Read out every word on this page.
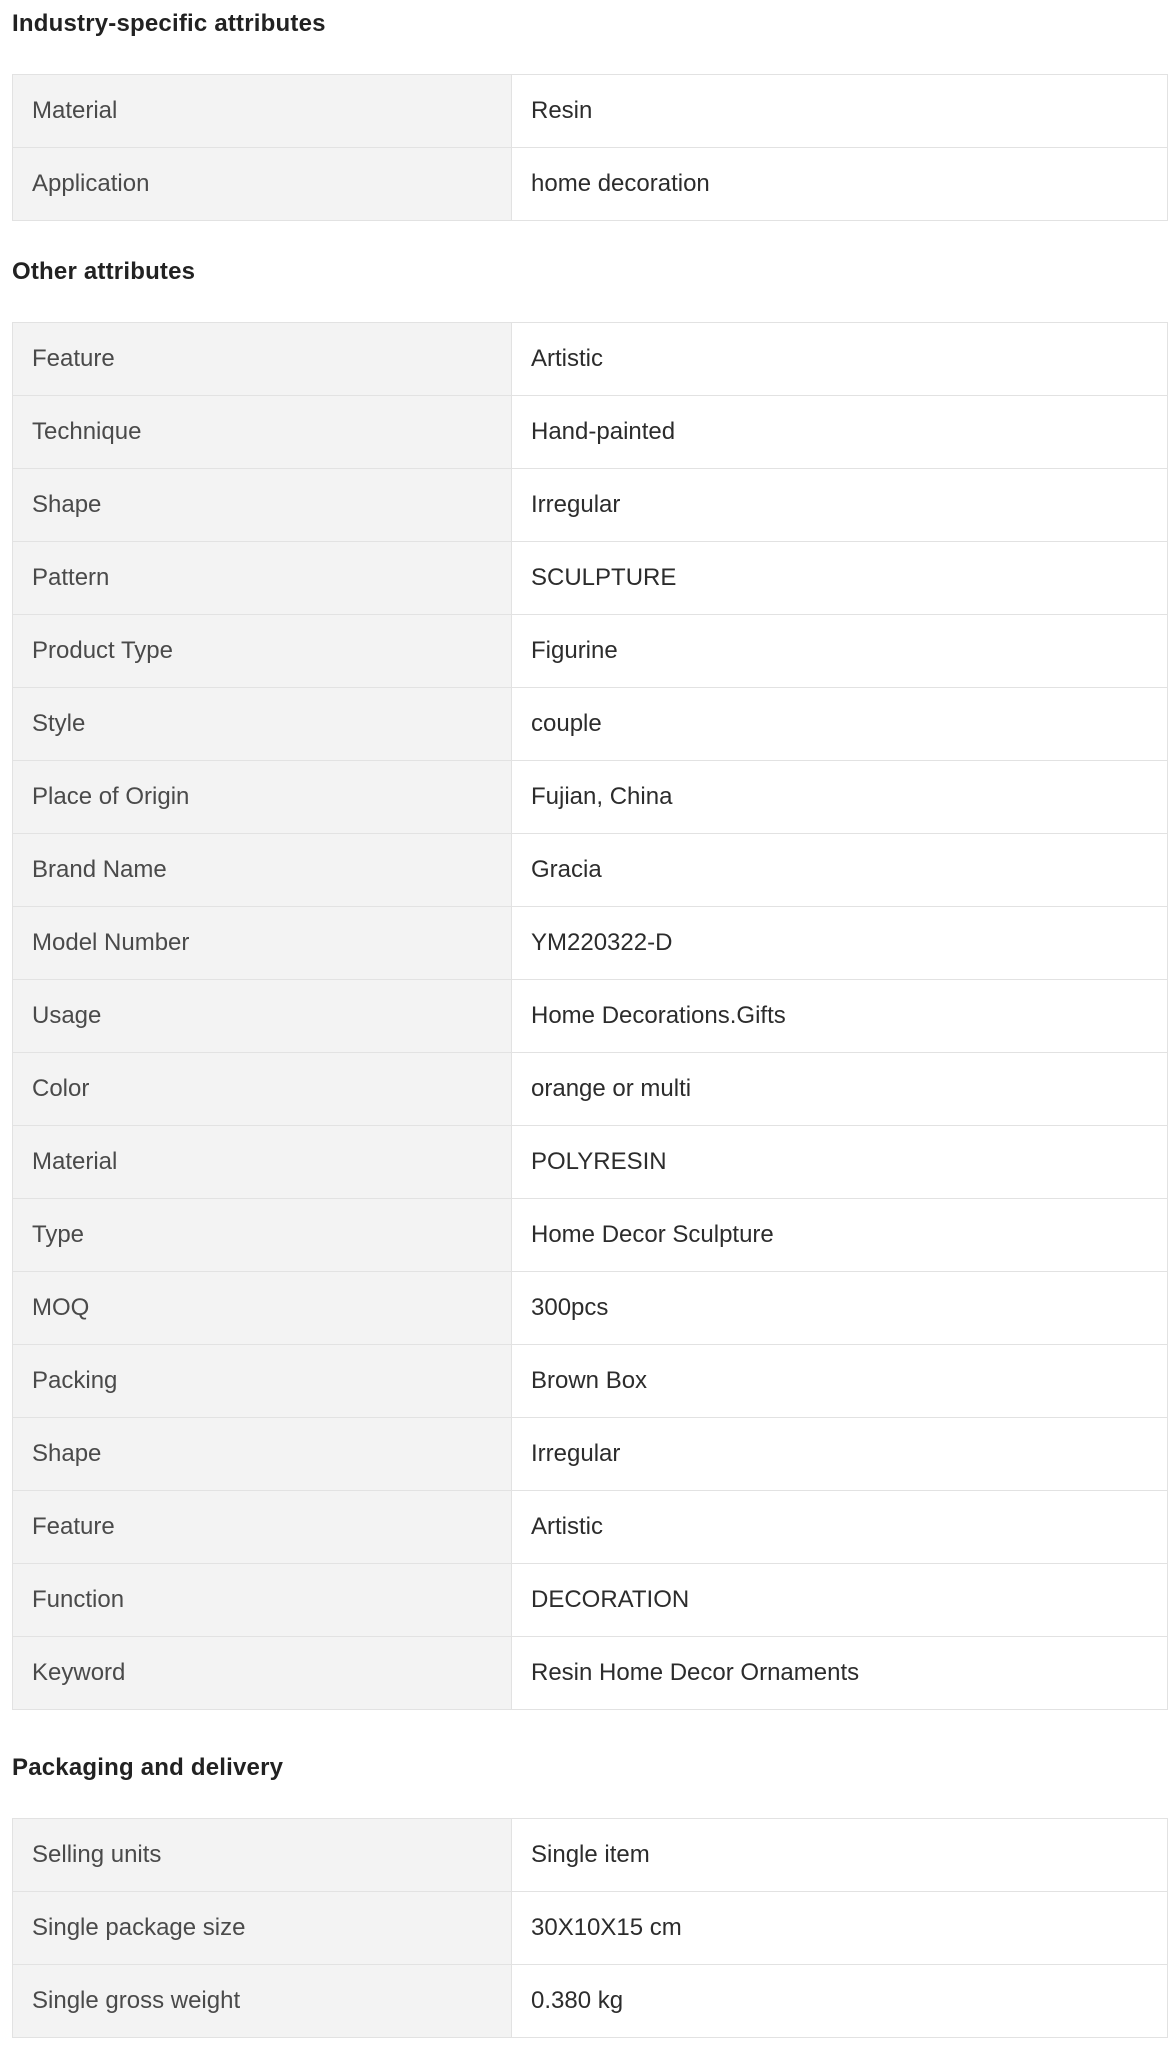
Industry-specific attributes
Material	Resin
Application	home decoration
Other attributes
Feature	Artistic
Technique	Hand-painted
Shape	Irregular
Pattern	SCULPTURE
Product Type	Figurine
Style	couple
Place of Origin	Fujian, China
Brand Name	Gracia
Model Number	YM220322-D
Usage	Home Decorations.Gifts
Color	orange or multi
Material	POLYRESIN
Type	Home Decor Sculpture
MOQ	300pcs
Packing	Brown Box
Shape	Irregular
Feature	Artistic
Function	DECORATION
Keyword	Resin Home Decor Ornaments
Packaging and delivery
Selling units	Single item
Single package size	30X10X15 cm
Single gross weight	0.380 kg
